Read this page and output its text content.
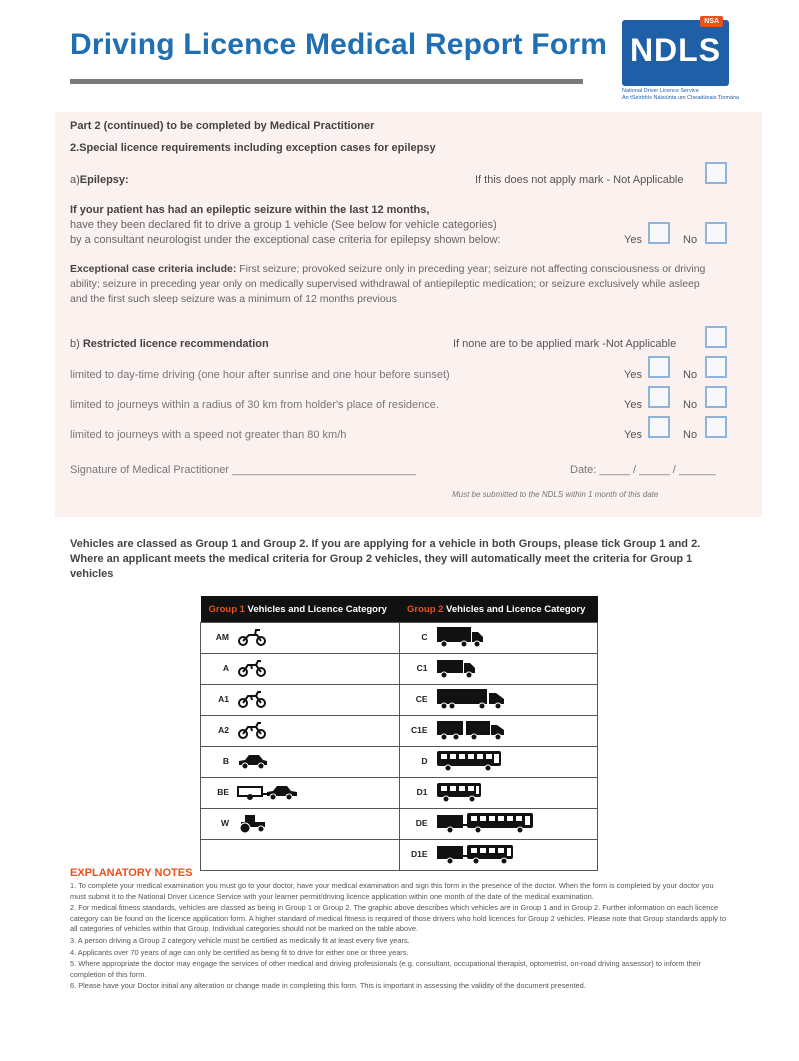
Driving Licence Medical Report Form
NSA
NDLS
National Driver Licence Service
An tSeirbhís Náisiúnta um Cheadúnais Tiomána
Part 2 (continued) to be completed by Medical Practitioner
2.Special licence requirements including exception cases for epilepsy
a)Epilepsy:	If this does not apply mark - Not Applicable
If your patient has had an epileptic seizure within the last 12 months,
have they been declared fit to drive a group 1 vehicle (See below for vehicle categories)
by a consultant neurologist under the exceptional case criteria for epilepsy shown below:	Yes	No
Exceptional case criteria include: First seizure; provoked seizure only in preceding year; seizure not affecting consciousness or driving ability; seizure in preceding year only on medically supervised withdrawal of antiepileptic medication; or seizure exclusively while asleep and the first such sleep seizure was a minimum of 12 months previous
b) Restricted licence recommendation	If none are to be applied mark -Not Applicable
limited to day-time driving (one hour after sunrise and one hour before sunset)	Yes	No
limited to journeys within a radius of 30 km from holder's place of residence.	Yes	No
limited to journeys with a speed not greater than 80 km/h	Yes	No
Signature of Medical Practitioner ______________________________	Date: _____ / _____ / ______
Must be submitted to the NDLS within 1 month of this date
Vehicles are classed as Group 1 and Group 2. If you are applying for a vehicle in both Groups, please tick Group 1 and 2. Where an applicant meets the medical criteria for Group 2 vehicles, they will automatically meet the criteria for Group 1 vehicles
Group 1 Vehicles and Licence Category	Group 2 Vehicles and Licence Category
AM	C
A	C1
A1	CE
A2	C1E
B	D
BE	D1
W	DE
	D1E
EXPLANATORY NOTES

1. To complete your medical examination you must go to your doctor, have your medical examination and sign this form in the presence of the doctor. When the form is completed by your doctor you must submit it to the National Driver Licence Service with your learner permit/driving licence application within one month of the date of the medical examination.

2. For medical fitness standards, vehicles are classed as being in Group 1 or Group 2. The graphic above describes which vehicles are in Group 1 and in Group 2. Further information on each licence category can be found on the licence application form. A higher standard of medical fitness is required of those drivers who hold licences for Group 2 vehicles. Please note that Group standards apply to all categories of vehicles within that Group. Individual categories should not be marked on the table above.

3. A person driving a Group 2 category vehicle must be certified as medically fit at least every five years.

4. Applicants over 70 years of age can only be certified as being fit to drive for either one or three years.

5. Where appropriate the doctor may engage the services of other medical and driving professionals (e.g. consultant, occupational therapist, optometrist, on-road driving assessor) to inform their completion of this form.

6. Please have your Doctor initial any alteration or change made in completing this form. This is important in assessing the validity of the document presented.
